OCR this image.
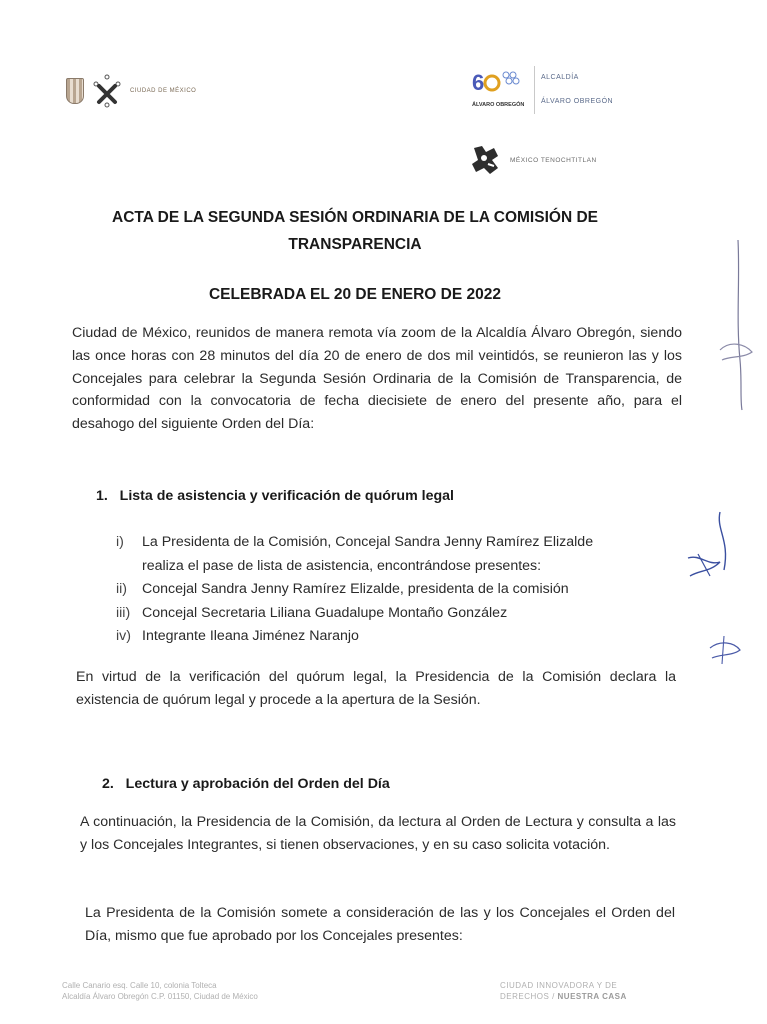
CIUDAD DE MÉXICO	6
ÁLVARO OBREGÓN
ALCALDÍA
ÁLVARO OBREGÓN
MÉXICO TENOCHTITLAN
ACTA DE LA SEGUNDA SESIÓN ORDINARIA DE LA COMISIÓN DE
TRANSPARENCIA
CELEBRADA EL 20 DE ENERO DE 2022
Ciudad de México, reunidos de manera remota vía zoom de la Alcaldía Álvaro Obregón, siendo las once horas con 28 minutos del día 20 de enero de dos mil veintidós, se reunieron las y los Concejales para celebrar la Segunda Sesión Ordinaria de la Comisión de Transparencia, de conformidad con la convocatoria de fecha diecisiete de enero del presente año, para el desahogo del siguiente Orden del Día:
1.   Lista de asistencia y verificación de quórum legal
i)	La Presidenta de la Comisión, Concejal Sandra Jenny Ramírez Elizalde realiza el pase de lista de asistencia, encontrándose presentes:
ii)	Concejal Sandra Jenny Ramírez Elizalde, presidenta de la comisión
iii) Concejal Secretaria Liliana Guadalupe Montaño González
iv) Integrante Ileana Jiménez Naranjo
En virtud de la verificación del quórum legal, la Presidencia de la Comisión declara la existencia de quórum legal y procede a la apertura de la Sesión.
2.   Lectura y aprobación del Orden del Día
A continuación, la Presidencia de la Comisión, da lectura al Orden de Lectura y consulta a las y los Concejales Integrantes, si tienen observaciones, y en su caso solicita votación.
La Presidenta de la Comisión somete a consideración de las y los Concejales el Orden del Día, mismo que fue aprobado por los Concejales presentes:
Calle Canario esq. Calle 10, colonia Tolteca
Alcaldía Álvaro Obregón C.P. 01150, Ciudad de México
CIUDAD INNOVADORA Y DE
DERECHOS / NUESTRA CASA
